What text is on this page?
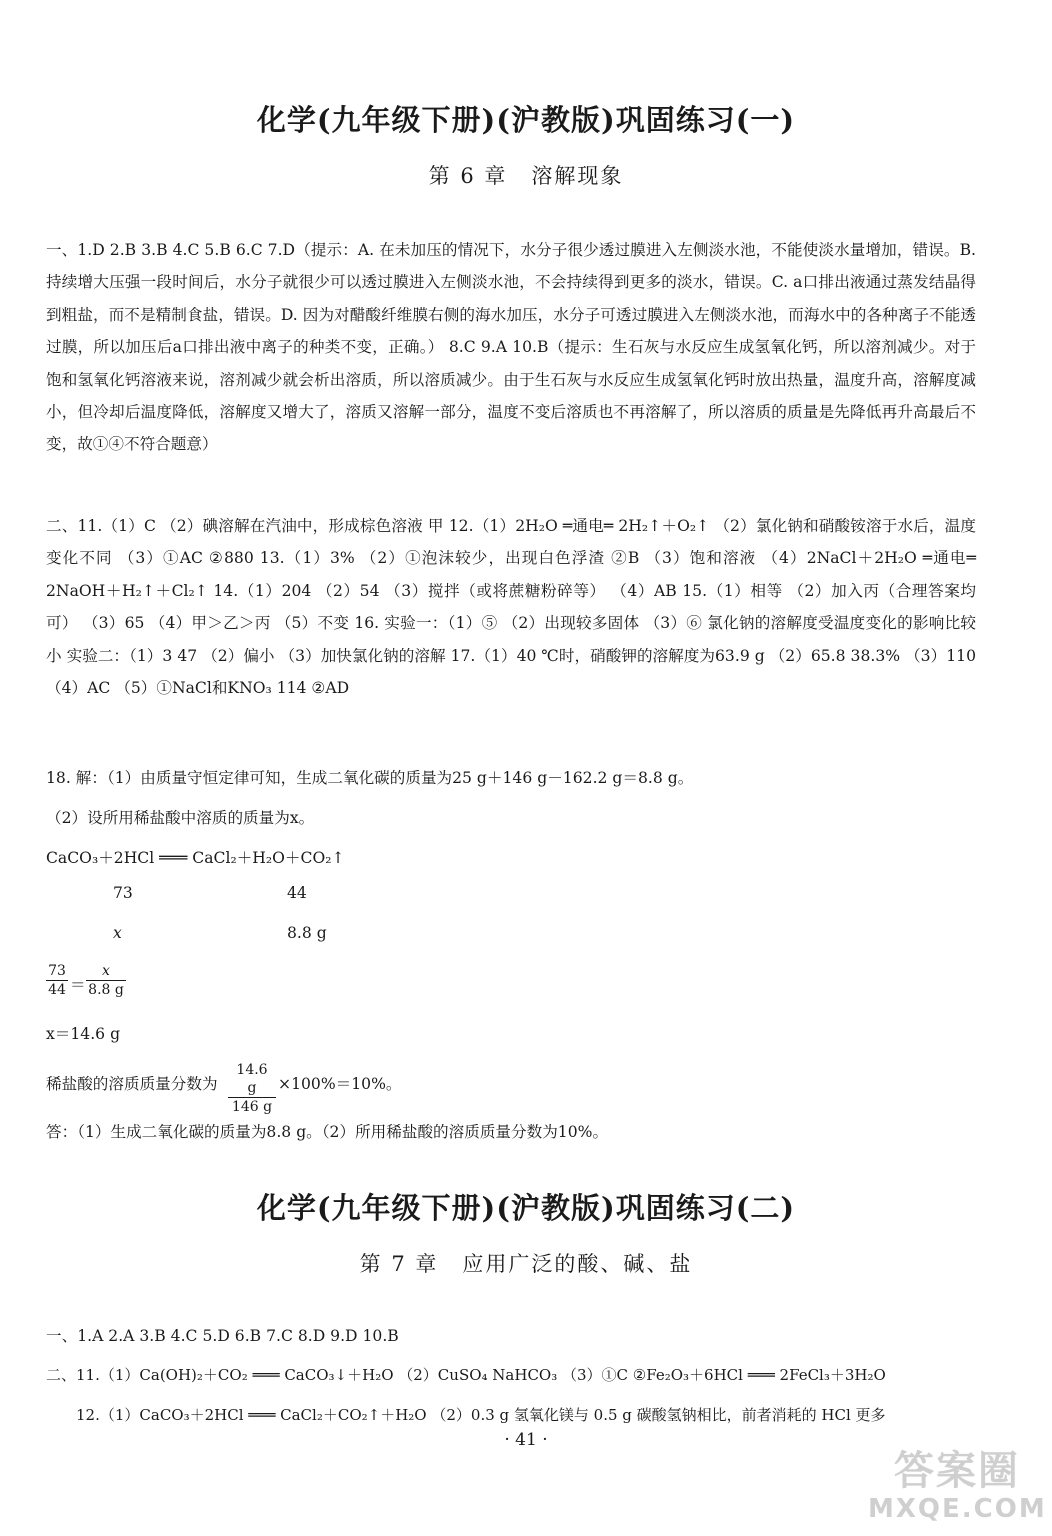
化学(九年级下册)(沪教版)巩固练习(一)
第 6 章 溶解现象
一、1.D 2.B 3.B 4.C 5.B 6.C 7.D（提示：A. 在未加压的情况下，水分子很少透过膜进入左侧淡水池，不能使淡水量增加，错误。B. 持续增大压强一段时间后，水分子就很少可以透过膜进入左侧淡水池，不会持续得到更多的淡水，错误。C. a口排出液通过蒸发结晶得到粗盐，而不是精制食盐，错误。D. 因为对醋酸纤维膜右侧的海水加压，水分子可透过膜进入左侧淡水池，而海水中的各种离子不能透过膜，所以加压后a口排出液中离子的种类不变，正确。） 8.C 9.A 10.B（提示：生石灰与水反应生成氢氧化钙，所以溶剂减少。对于饱和氢氧化钙溶液来说，溶剂减少就会析出溶质，所以溶质减少。由于生石灰与水反应生成氢氧化钙时放出热量，温度升高，溶解度减小，但冷却后温度降低，溶解度又增大了，溶质又溶解一部分，温度不变后溶质也不再溶解了，所以溶质的质量是先降低再升高最后不变，故①④不符合题意）
二、11.（1）C （2）碘溶解在汽油中，形成棕色溶液 甲 12.（1）2H₂O ═通电═ 2H₂↑＋O₂↑ （2）氯化钠和硝酸铵溶于水后，温度变化不同 （3）①AC ②880 13.（1）3% （2）①泡沫较少，出现白色浮渣 ②B （3）饱和溶液 （4）2NaCl＋2H₂O ═通电═ 2NaOH＋H₂↑＋Cl₂↑ 14.（1）204 （2）54 （3）搅拌（或将蔗糖粉碎等） （4）AB 15.（1）相等 （2）加入丙（合理答案均可） （3）65 （4）甲＞乙＞丙 （5）不变 16. 实验一：（1）⑤ （2）出现较多固体 （3）⑥ 氯化钠的溶解度受温度变化的影响比较小 实验二：（1）3 47 （2）偏小 （3）加快氯化钠的溶解 17.（1）40 ℃时，硝酸钾的溶解度为63.9 g （2）65.8 38.3% （3）110 （4）AC （5）①NaCl和KNO₃ 114 ②AD
18. 解：（1）由质量守恒定律可知，生成二氧化碳的质量为25 g＋146 g－162.2 g＝8.8 g。
（2）设所用稀盐酸中溶质的质量为x。
CaCO₃＋2HCl ═══ CaCl₂＋H₂O＋CO₂↑
73	44
x	8.8 g
$\frac{73}{44} = \frac{x}{8.8 g}$
x＝14.6 g
稀盐酸的溶质质量分数为 $\frac{14.6 g}{146 g} \times 100\%=10\%$。
答：（1）生成二氧化碳的质量为8.8 g。（2）所用稀盐酸的溶质质量分数为10%。
化学(九年级下册)(沪教版)巩固练习(二)
第 7 章 应用广泛的酸、碱、盐
一、1.A 2.A 3.B 4.C 5.D 6.B 7.C 8.D 9.D 10.B
二、11.（1）Ca(OH)₂＋CO₂ ═══ CaCO₃↓＋H₂O （2）CuSO₄ NaHCO₃ （3）①C ②Fe₂O₃＋6HCl ═══ 2FeCl₃＋3H₂O
12.（1）CaCO₃＋2HCl ═══ CaCl₂＋CO₂↑＋H₂O （2）0.3 g 氢氧化镁与 0.5 g 碳酸氢钠相比，前者消耗的 HCl 更多
· 41 ·
答案圈
MXQE.COM
